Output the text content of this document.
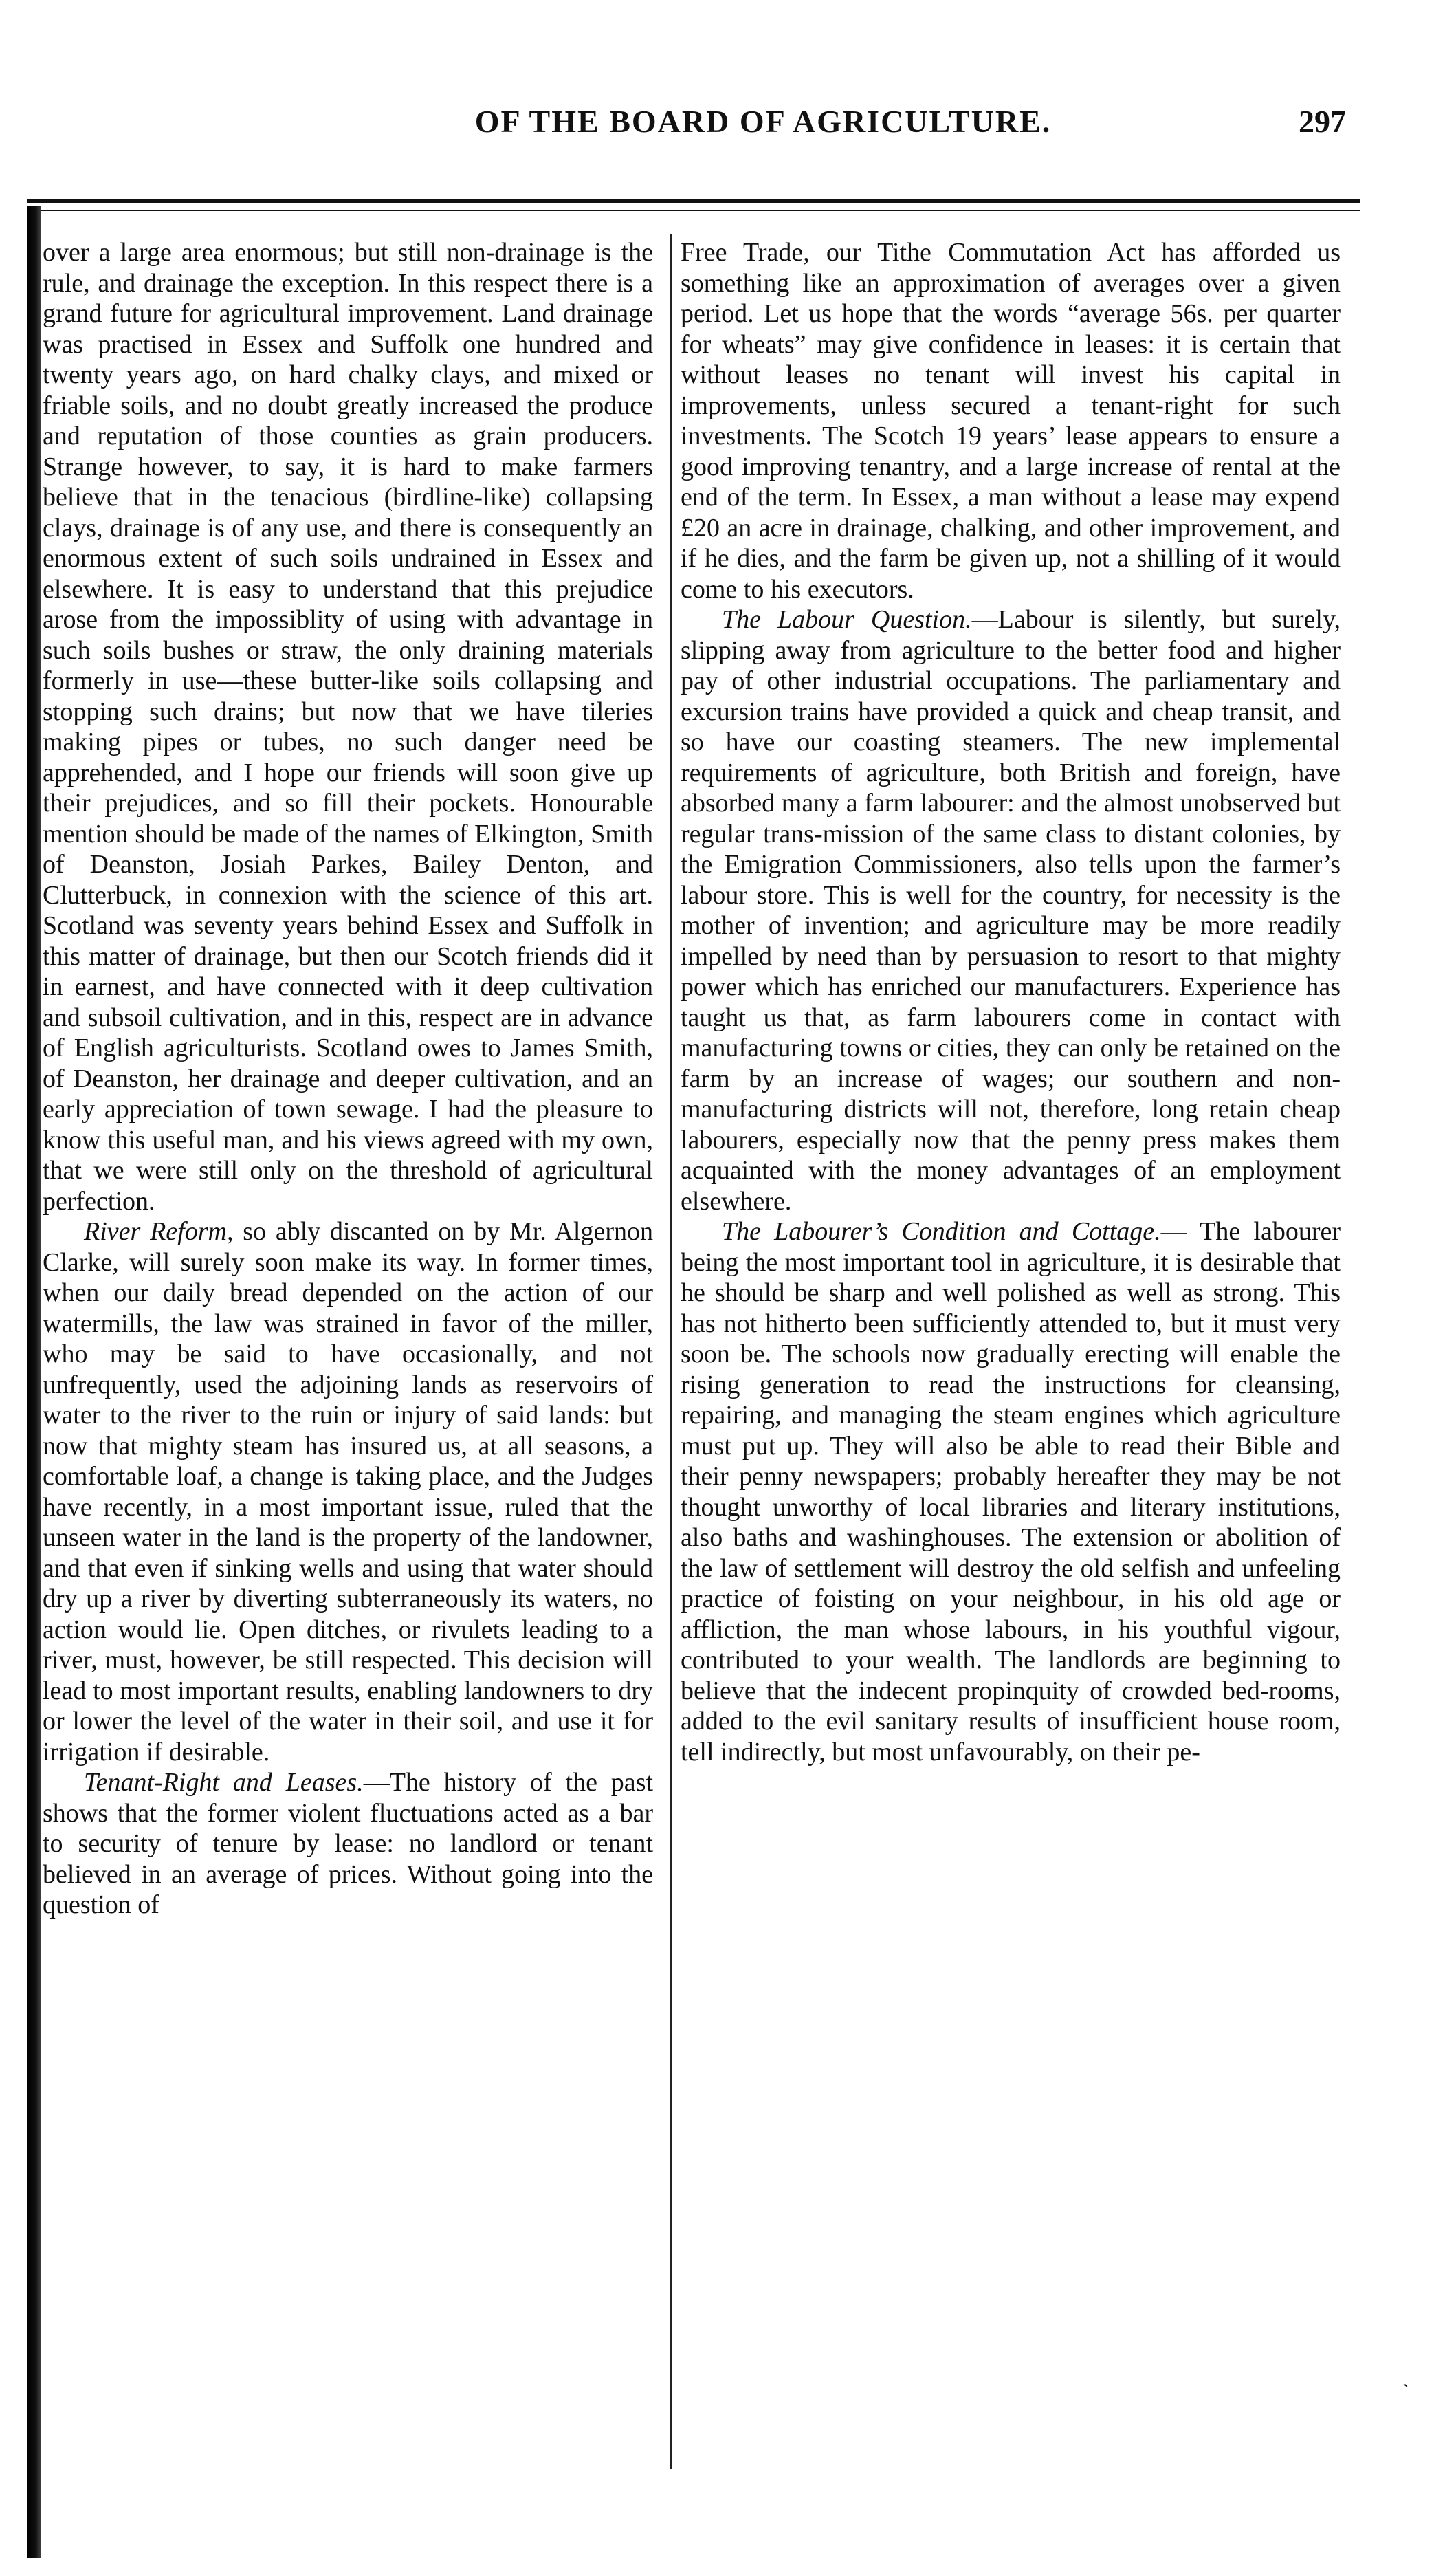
OF THE BOARD OF AGRICULTURE.	297

over a large area enormous; but still non-drainage is the rule, and drainage the exception. In this respect there is a grand future for agricultural improvement. Land drainage was practised in Essex and Suffolk one hundred and twenty years ago, on hard chalky clays, and mixed or friable soils, and no doubt greatly increased the produce and reputation of those counties as grain producers. Strange however, to say, it is hard to make farmers believe that in the tenacious (birdline-like) collapsing clays, drainage is of any use, and there is consequently an enormous extent of such soils undrained in Essex and elsewhere. It is easy to understand that this prejudice arose from the impossiblity of using with advantage in such soils bushes or straw, the only draining materials formerly in use—these butter-like soils collapsing and stopping such drains; but now that we have tileries making pipes or tubes, no such danger need be apprehended, and I hope our friends will soon give up their prejudices, and so fill their pockets. Honourable mention should be made of the names of Elkington, Smith of Deanston, Josiah Parkes, Bailey Denton, and Clutterbuck, in connexion with the science of this art. Scotland was seventy years behind Essex and Suffolk in this matter of drainage, but then our Scotch friends did it in earnest, and have connected with it deep cultivation and subsoil cultivation, and in this, respect are in advance of English agriculturists. Scotland owes to James Smith, of Deanston, her drainage and deeper cultivation, and an early appreciation of town sewage. I had the pleasure to know this useful man, and his views agreed with my own, that we were still only on the threshold of agricultural perfection.

River Reform, so ably discanted on by Mr. Algernon Clarke, will surely soon make its way. In former times, when our daily bread depended on the action of our watermills, the law was strained in favor of the miller, who may be said to have occasionally, and not unfrequently, used the adjoining lands as reservoirs of water to the river to the ruin or injury of said lands: but now that mighty steam has insured us, at all seasons, a comfortable loaf, a change is taking place, and the Judges have recently, in a most important issue, ruled that the unseen water in the land is the property of the landowner, and that even if sinking wells and using that water should dry up a river by diverting subterraneously its waters, no action would lie. Open ditches, or rivulets leading to a river, must, however, be still respected. This decision will lead to most important results, enabling landowners to dry or lower the level of the water in their soil, and use it for irrigation if desirable.

Tenant-Right and Leases.—The history of the past shows that the former violent fluctuations acted as a bar to security of tenure by lease: no landlord or tenant believed in an average of prices. Without going into the question of

Free Trade, our Tithe Commutation Act has afforded us something like an approximation of averages over a given period. Let us hope that the words “average 56s. per quarter for wheats” may give confidence in leases: it is certain that without leases no tenant will invest his capital in improvements, unless secured a tenant-right for such investments. The Scotch 19 years’ lease appears to ensure a good improving tenantry, and a large increase of rental at the end of the term. In Essex, a man without a lease may expend £20 an acre in drainage, chalking, and other improvement, and if he dies, and the farm be given up, not a shilling of it would come to his executors.

The Labour Question.—Labour is silently, but surely, slipping away from agriculture to the better food and higher pay of other industrial occupations. The parliamentary and excursion trains have provided a quick and cheap transit, and so have our coasting steamers. The new implemental requirements of agriculture, both British and foreign, have absorbed many a farm labourer: and the almost unobserved but regular trans-mission of the same class to distant colonies, by the Emigration Commissioners, also tells upon the farmer’s labour store. This is well for the country, for necessity is the mother of invention; and agriculture may be more readily impelled by need than by persuasion to resort to that mighty power which has enriched our manufacturers. Experience has taught us that, as farm labourers come in contact with manufacturing towns or cities, they can only be retained on the farm by an increase of wages; our southern and non-manufacturing districts will not, therefore, long retain cheap labourers, especially now that the penny press makes them acquainted with the money advantages of an employment elsewhere.

The Labourer’s Condition and Cottage.— The labourer being the most important tool in agriculture, it is desirable that he should be sharp and well polished as well as strong. This has not hitherto been sufficiently attended to, but it must very soon be. The schools now gradually erecting will enable the rising generation to read the instructions for cleansing, repairing, and managing the steam engines which agriculture must put up. They will also be able to read their Bible and their penny newspapers; probably hereafter they may be not thought unworthy of local libraries and literary institutions, also baths and washinghouses. The extension or abolition of the law of settlement will destroy the old selfish and unfeeling practice of foisting on your neighbour, in his old age or affliction, the man whose labours, in his youthful vigour, contributed to your wealth. The landlords are beginning to believe that the indecent propinquity of crowded bed-rooms, added to the evil sanitary results of insufficient house room, tell indirectly, but most unfavourably, on their pe-

`
